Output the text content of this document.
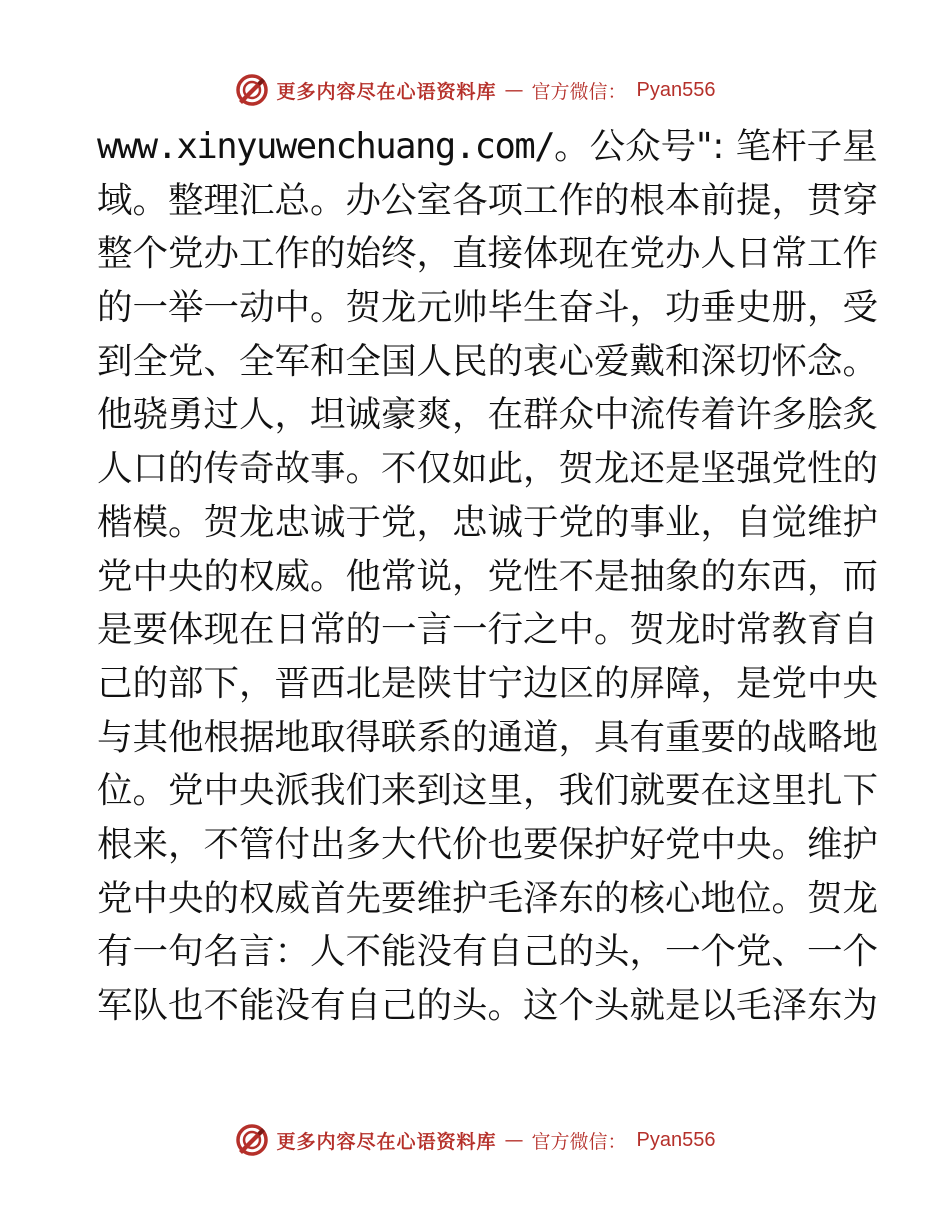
更多内容尽在心语资料库 — 官方微信： Pyan556
www.xinyuwenchuang.com/。公众号": 笔杆子星
域。整理汇总。办公室各项工作的根本前提，贯穿
整个党办工作的始终，直接体现在党办人日常工作
的一举一动中。贺龙元帅毕生奋斗，功垂史册，受
到全党、全军和全国人民的衷心爱戴和深切怀念。
他骁勇过人，坦诚豪爽，在群众中流传着许多脍炙
人口的传奇故事。不仅如此，贺龙还是坚强党性的
楷模。贺龙忠诚于党，忠诚于党的事业，自觉维护
党中央的权威。他常说，党性不是抽象的东西，而
是要体现在日常的一言一行之中。贺龙时常教育自
己的部下，晋西北是陕甘宁边区的屏障，是党中央
与其他根据地取得联系的通道，具有重要的战略地
位。党中央派我们来到这里，我们就要在这里扎下
根来，不管付出多大代价也要保护好党中央。维护
党中央的权威首先要维护毛泽东的核心地位。贺龙
有一句名言：人不能没有自己的头，一个党、一个
军队也不能没有自己的头。这个头就是以毛泽东为
更多内容尽在心语资料库 — 官方微信： Pyan556
